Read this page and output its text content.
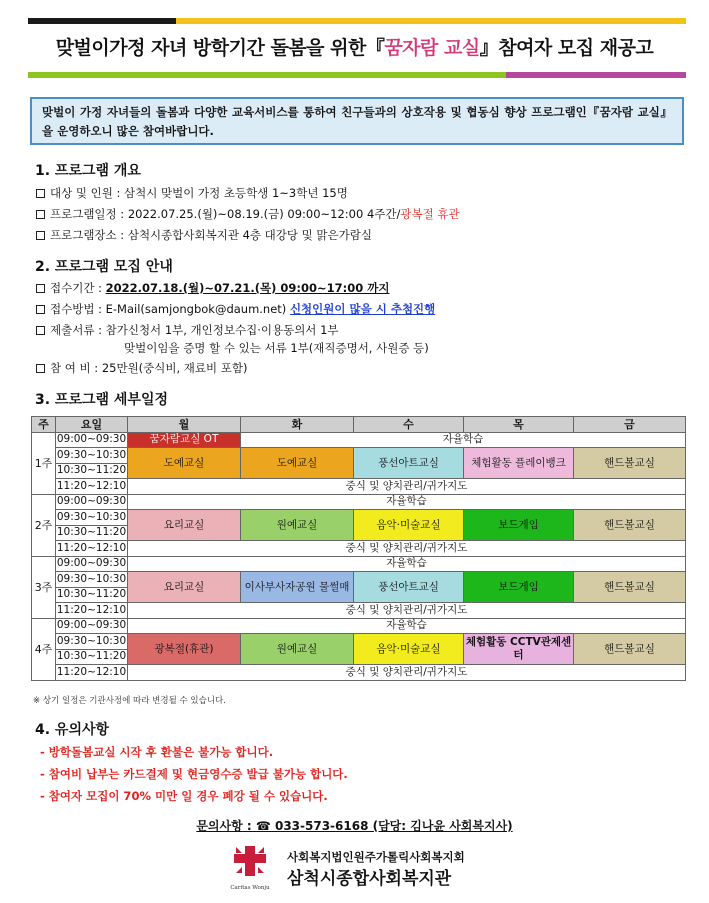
맞벌이가정 자녀 방학기간 돌봄을 위한『꿈자람 교실』참여자 모집 재공고
맞벌이 가정 자녀들의 돌봄과 다양한 교육서비스를 통하여 친구들과의 상호작용 및 협동심 향상 프로그램인『꿈자람 교실』을 운영하오니 많은 참여바랍니다.
1. 프로그램 개요
대상 및 인원 : 삼척시 맞벌이 가정 초등학생 1~3학년 15명
프로그램일정 : 2022.07.25.(월)~08.19.(금) 09:00~12:00 4주간/광복절 휴관
프로그램장소 : 삼척시종합사회복지관 4층 대강당 및 맑은가람실
2. 프로그램 모집 안내
접수기간 : 2022.07.18.(월)~07.21.(목) 09:00~17:00 까지
접수방법 : E-Mail(samjongbok@daum.net) 신청인원이 많을 시 추첨진행
제출서류 : 참가신청서 1부, 개인정보수집·이용동의서 1부
맞벌이임을 증명 할 수 있는 서류 1부(재직증명서, 사원증 등)
참 여 비 : 25만원(중식비, 재료비 포함)
3. 프로그램 세부일정
주	요일	월	화	수	목	금
1주	09:00~09:30	꿈자람교실 OT	자율학습			
	09:30~10:30	도예교실	도예교실	풍선아트교실	체험활동 플레이뱅크	핸드볼교실
	10:30~11:20					
	11:20~12:10	중식 및 양치관리/귀가지도				
2주	09:00~09:30	자율학습				
	09:30~10:30	요리교실	원예교실	음악·미술교실	보드게임	핸드볼교실
	10:30~11:20					
	11:20~12:10	중식 및 양치관리/귀가지도				
3주	09:00~09:30	자율학습				
	09:30~10:30	요리교실	이사부사자공원 물썰매	풍선아트교실	보드게임	핸드볼교실
	10:30~11:20					
	11:20~12:10	중식 및 양치관리/귀가지도				
4주	09:00~09:30	자율학습				
	09:30~10:30	광복절(휴관)	원예교실	음악·미술교실	체험활동 CCTV관제센터	핸드볼교실
	10:30~11:20					
	11:20~12:10	중식 및 양치관리/귀가지도				
※ 상기 일정은 기관사정에 따라 변경될 수 있습니다.
4. 유의사항
- 방학돌봄교실 시작 후 환불은 불가능 합니다.
- 참여비 납부는 카드결제 및 현금영수증 발급 불가능 합니다.
- 참여자 모집이 70% 미만 일 경우 폐강 될 수 있습니다.
문의사항 : ☎ 033-573-6168 (담당: 김나윤 사회복지사)
Caritas Wonju
사회복지법인원주가톨릭사회복지회
삼척시종합사회복지관
